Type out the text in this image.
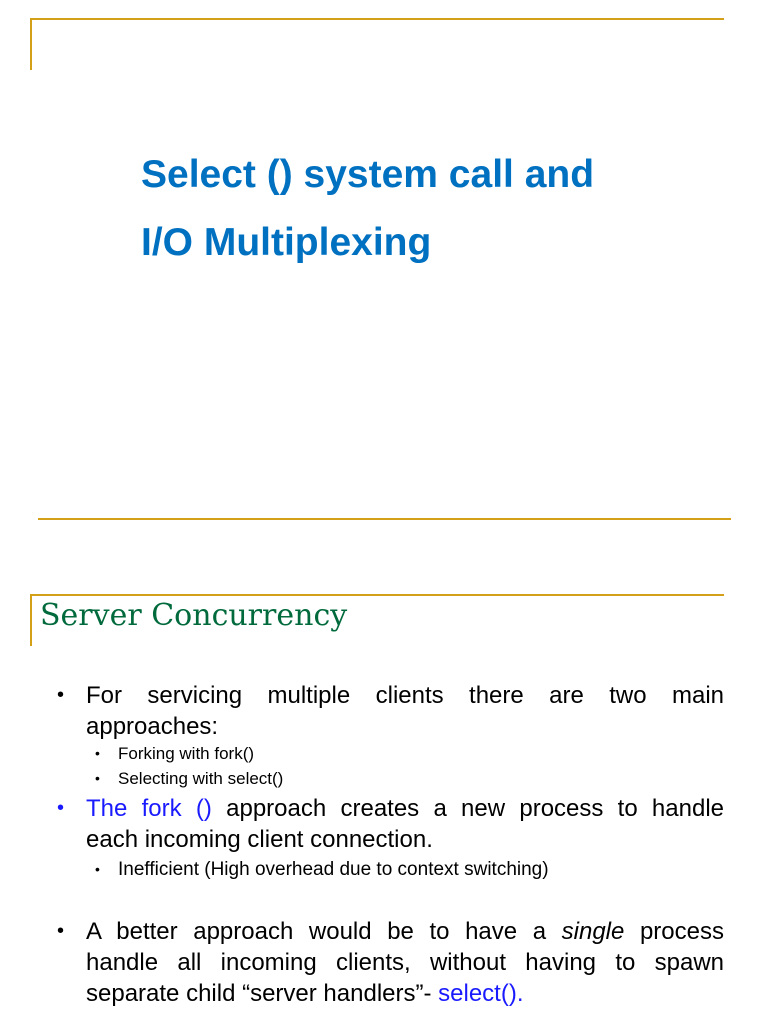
Select () system call and
I/O Multiplexing
Server Concurrency
• For servicing multiple clients there are two main
approaches:
• Forking with fork()
• Selecting with select()
• The fork () approach creates a new process to handle
each incoming client connection.
• Inefficient (High overhead due to context switching)
• A better approach would be to have a single process
handle all incoming clients, without having to spawn
separate child “server handlers”- select().
